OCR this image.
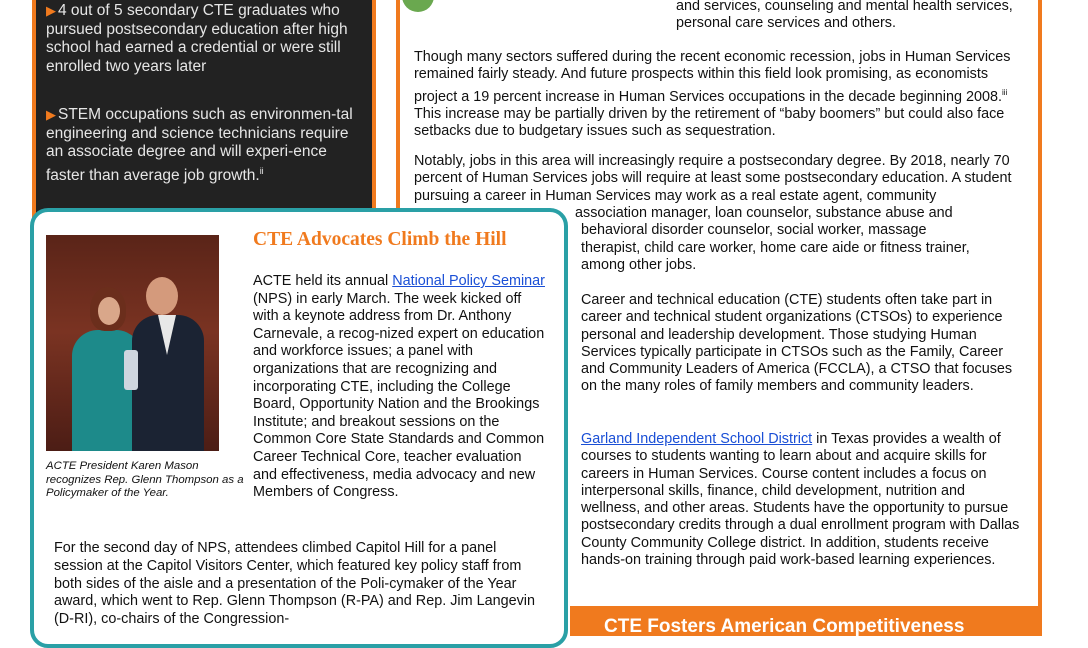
▶ 4 out of 5 secondary CTE graduates who pursued postsecondary education after high school had earned a credential or were still enrolled two years later
▶ STEM occupations such as environmen-tal engineering and science technicians require an associate degree and will experi-ence faster than average job growth.$^{ii}$

and services, counseling and mental health services, personal care services and others.

Though many sectors suffered during the recent economic recession, jobs in Human Services remained fairly steady. And future prospects within this field look promising, as economists project a 19 percent increase in Human Services occupations in the decade beginning 2008.$^{iii}$ This increase may be partially driven by the retirement of “baby boomers” but could also face setbacks due to budgetary issues such as sequestration.

Notably, jobs in this area will increasingly require a postsecondary degree. By 2018, nearly 70 percent of Human Services jobs will require at least some postsecondary education. A student pursuing a career in Human Services may work as a real estate agent, community

association manager, loan counselor, substance abuse and behavioral disorder counselor, social worker, massage therapist, child care worker, home care aide or fitness trainer, among other jobs.

Career and technical education (CTE) students often take part in career and technical student organizations (CTSOs) to experience personal and leadership development. Those studying Human Services typically participate in CTSOs such as the Family, Career and Community Leaders of America (FCCLA), a CTSO that focuses on the many roles of family members and community leaders.

Garland Independent School District in Texas provides a wealth of courses to students wanting to learn about and acquire skills for careers in Human Services. Course content includes a focus on interpersonal skills, finance, child development, nutrition and wellness, and other areas. Students have the opportunity to pursue postsecondary credits through a dual enrollment program with Dallas County Community College district. In addition, students receive hands-on training through paid work-based learning experiences.

CTE Fosters American Competitiveness
ACTE President Karen Mason recognizes Rep. Glenn Thompson as a Policymaker of the Year.
CTE Advocates Climb the Hill

ACTE held its annual National Policy Seminar (NPS) in early March. The week kicked off with a keynote address from Dr. Anthony Carnevale, a recog-nized expert on education and workforce issues; a panel with organizations that are recognizing and incorporating CTE, including the College Board, Opportunity Nation and the Brookings Institute; and breakout sessions on the Common Core State Standards and Common Career Technical Core, teacher evaluation and effectiveness, media advocacy and new Members of Congress.

For the second day of NPS, attendees climbed Capitol Hill for a panel session at the Capitol Visitors Center, which featured key policy staff from both sides of the aisle and a presentation of the Poli-cymaker of the Year award, which went to Rep. Glenn Thompson (R-PA) and Rep. Jim Langevin (D-RI), co-chairs of the Congression-
